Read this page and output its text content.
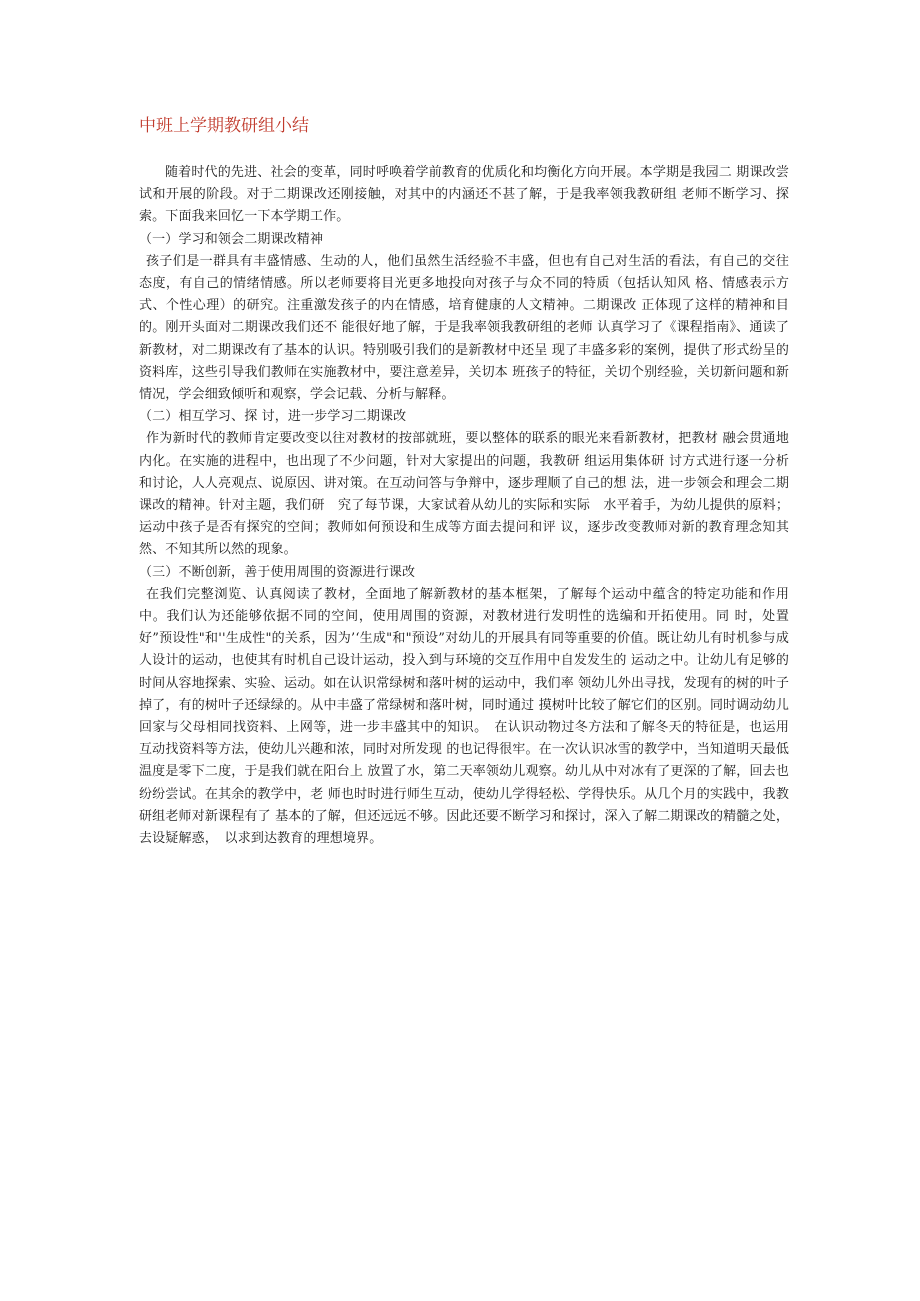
中班上学期教研组小结

随着时代的先进、社会的变革，同时呼唤着学前教育的优质化和均衡化方向开展。本学期是我园二 期课改尝试和开展的阶段。对于二期课改还刚接触，对其中的内涵还不甚了解，于是我率领我教研组 老师不断学习、探索。下面我来回忆一下本学期工作。

（一）学习和领会二期课改精神

孩子们是一群具有丰盛情感、生动的人，他们虽然生活经验不丰盛，但也有自己对生活的看法，有自己的交往态度，有自己的情绪情感。所以老师要将目光更多地投向对孩子与众不同的特质（包括认知风 格、情感表示方式、个性心理）的研究。注重激发孩子的内在情感，培育健康的人文精神。二期课改 正体现了这样的精神和目的。刚开头面对二期课改我们还不 能很好地了解，于是我率领我教研组的老师 认真学习了《课程指南》、通读了新教材，对二期课改有了基本的认识。特别吸引我们的是新教材中还呈 现了丰盛多彩的案例，提供了形式纷呈的资料库，这些引导我们教师在实施教材中，要注意差异，关切本 班孩子的特征，关切个别经验，关切新问题和新情况，学会细致倾听和观察，学会记载、分析与解释。

（二）相互学习、探 讨，进一步学习二期课改

作为新时代的教师肯定要改变以往对教材的按部就班，要以整体的联系的眼光来看新教材，把教材 融会贯通地内化。在实施的进程中，也出现了不少问题，针对大家提出的问题，我教研 组运用集体研 讨方式进行逐一分析和讨论，人人亮观点、说原因、讲对策。在互动问答与争辩中，逐步理顺了自己的想 法，进一步领会和理会二期课改的精神。针对主题，我们研　究了每节课，大家试着从幼儿的实际和实际　水平着手，为幼儿提供的原料；运动中孩子是否有探究的空间；教师如何预设和生成等方面去提问和评 议，逐步改变教师对新的教育理念知其然、不知其所以然的现象。

（三）不断创新，善于使用周围的资源进行课改

在我们完整浏览、认真阅读了教材，全面地了解新教材的基本框架，了解每个运动中蕴含的特定功能和作用中。我们认为还能够依据不同的空间，使用周围的资源，对教材进行发明性的选编和开拓使用。同 时，处置好”预设性"和''生成性"的关系，因为’‘生成"和"预设”对幼儿的开展具有同等重要的价值。既让幼儿有时机参与成人设计的运动，也使其有时机自己设计运动，投入到与环境的交互作用中自发发生的 运动之中。让幼儿有足够的时间从容地探索、实验、运动。如在认识常绿树和落叶树的运动中，我们率 领幼儿外出寻找，发现有的树的叶子掉了，有的树叶子还绿绿的。从中丰盛了常绿树和落叶树，同时通过 摸树叶比较了解它们的区别。同时调动幼儿回家与父母相同找资料、上网等，进一步丰盛其中的知识。　在认识动物过冬方法和了解冬天的特征是，也运用互动找资料等方法，使幼儿兴趣和浓，同时对所发现 的也记得很牢。在一次认识冰雪的教学中，当知道明天最低温度是零下二度，于是我们就在阳台上 放置了水，第二天率领幼儿观察。幼儿从中对冰有了更深的了解，回去也纷纷尝试。在其余的教学中，老 师也时时进行师生互动，使幼儿学得轻松、学得快乐。从几个月的实践中，我教研组老师对新课程有了 基本的了解，但还远远不够。因此还要不断学习和探讨，深入了解二期课改的精髓之处，去设疑解惑，　以求到达教育的理想境界。
